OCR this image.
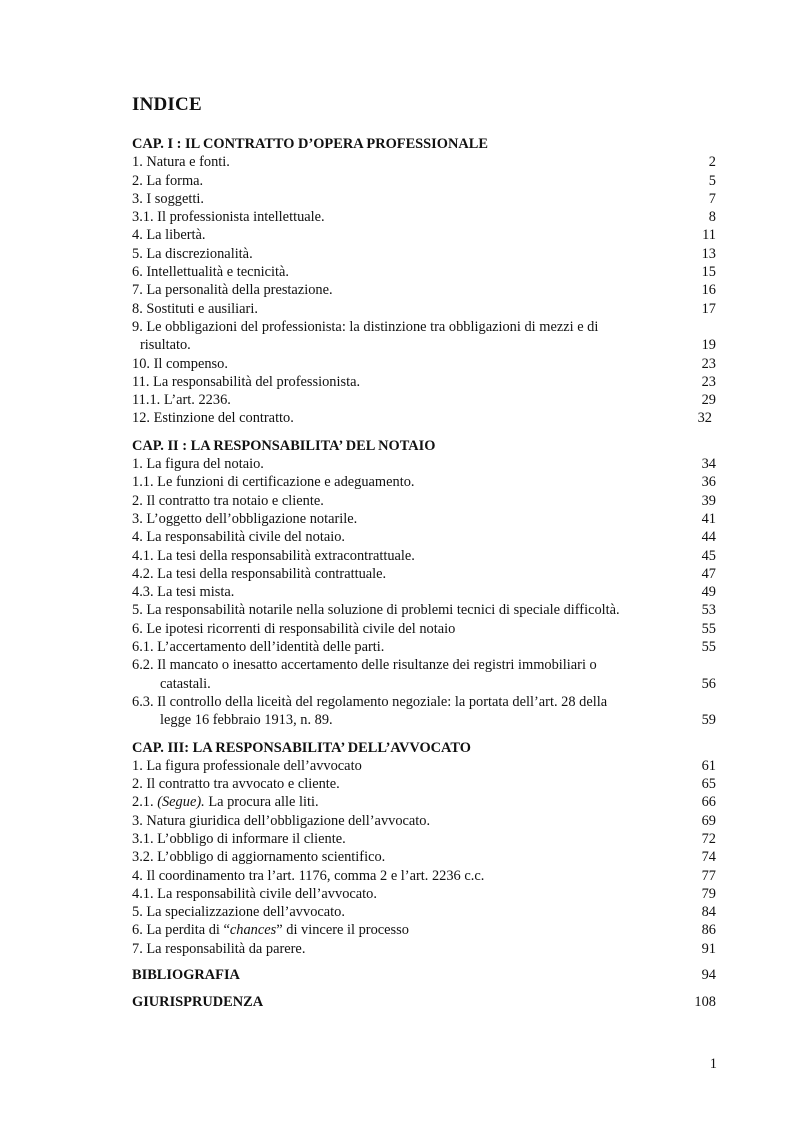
INDICE
CAP. I : IL CONTRATTO D’OPERA PROFESSIONALE
1. Natura e fonti.	2
2. La forma.	5
3. I soggetti.	7
3.1. Il professionista intellettuale.	8
4. La libertà.	11
5. La discrezionalità.	13
6. Intellettualità e tecnicità.	15
7. La personalità della prestazione.	16
8. Sostituti e ausiliari.	17
9. Le obbligazioni del professionista: la distinzione tra obbligazioni di mezzi e di
risultato.	19
10. Il compenso.	23
11. La responsabilità del professionista.	23
11.1. L’art. 2236.	29
12. Estinzione del contratto.	32
CAP. II : LA RESPONSABILITA’ DEL NOTAIO
1. La figura del notaio.	34
1.1. Le funzioni di certificazione e adeguamento.	36
2. Il contratto tra notaio e cliente.	39
3. L’oggetto dell’obbligazione notarile.	41
4. La responsabilità civile del notaio.	44
4.1. La tesi della responsabilità extracontrattuale.	45
4.2. La tesi della responsabilità contrattuale.	47
4.3. La tesi mista.	49
5. La responsabilità notarile nella soluzione di problemi tecnici di speciale difficoltà.	53
6. Le ipotesi ricorrenti di responsabilità civile del notaio	55
6.1. L’accertamento dell’identità delle parti.	55
6.2. Il mancato o inesatto accertamento delle risultanze dei registri immobiliari o
catastali.	56
6.3. Il controllo della liceità del regolamento negoziale: la portata dell’art. 28 della
legge 16 febbraio 1913, n. 89.	59
CAP. III: LA RESPONSABILITA’ DELL’AVVOCATO
1. La figura professionale dell’avvocato	61
2. Il contratto tra avvocato e cliente.	65
2.1. (Segue). La procura alle liti.	66
3. Natura giuridica dell’obbligazione dell’avvocato.	69
3.1. L’obbligo di informare il cliente.	72
3.2. L’obbligo di aggiornamento scientifico.	74
4. Il coordinamento tra l’art. 1176, comma 2 e l’art. 2236 c.c.	77
4.1. La responsabilità civile dell’avvocato.	79
5. La specializzazione dell’avvocato.	84
6. La perdita di “chances” di vincere il processo	86
7. La responsabilità da parere.	91
BIBLIOGRAFIA	94
GIURISPRUDENZA	108
1
